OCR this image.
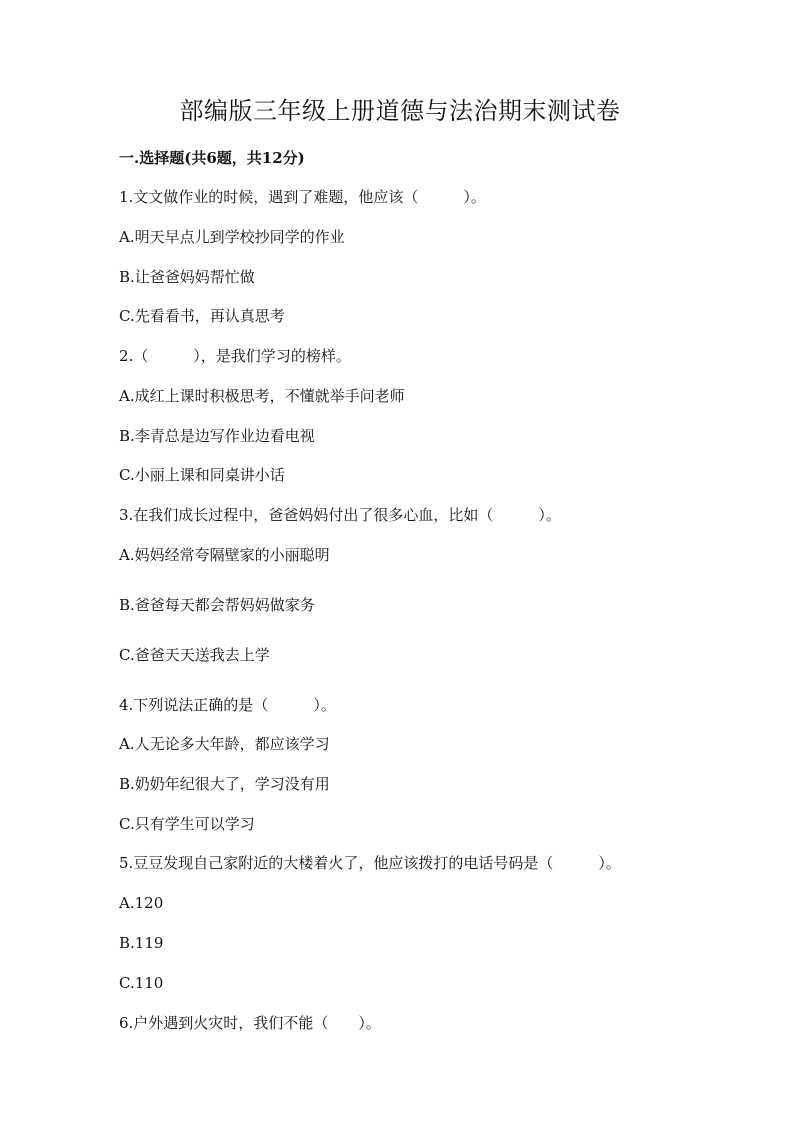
部编版三年级上册道德与法治期末测试卷
一.选择题(共6题，共12分)
1.文文做作业的时候，遇到了难题，他应该（　　　）。
A.明天早点儿到学校抄同学的作业
B.让爸爸妈妈帮忙做
C.先看看书，再认真思考
2.（　　　），是我们学习的榜样。
A.成红上课时积极思考，不懂就举手问老师
B.李青总是边写作业边看电视
C.小丽上课和同桌讲小话
3.在我们成长过程中，爸爸妈妈付出了很多心血，比如（　　　）。
A.妈妈经常夸隔壁家的小丽聪明
B.爸爸每天都会帮妈妈做家务
C.爸爸天天送我去上学
4.下列说法正确的是（　　　）。
A.人无论多大年龄，都应该学习
B.奶奶年纪很大了，学习没有用
C.只有学生可以学习
5.豆豆发现自己家附近的大楼着火了，他应该拨打的电话号码是（　　　）。
A.120
B.119
C.110
6.户外遇到火灾时，我们不能（　　）。
